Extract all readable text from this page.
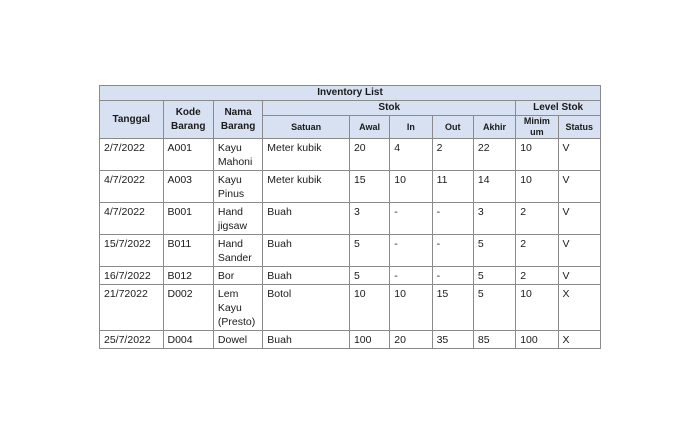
Inventory List									
Tanggal	Kode Barang	Nama Barang	Stok					Level Stok	
			Satuan	Awal	In	Out	Akhir	Minim um	Status
2/7/2022	A001	Kayu Mahoni	Meter kubik	20	4	2	22	10	V
4/7/2022	A003	Kayu Pinus	Meter kubik	15	10	11	14	10	V
4/7/2022	B001	Hand jigsaw	Buah	3	-	-	3	2	V
15/7/2022	B011	Hand Sander	Buah	5	-	-	5	2	V
16/7/2022	B012	Bor	Buah	5	-	-	5	2	V
21/72022	D002	Lem Kayu (Presto)	Botol	10	10	15	5	10	X
25/7/2022	D004	Dowel	Buah	100	20	35	85	100	X
